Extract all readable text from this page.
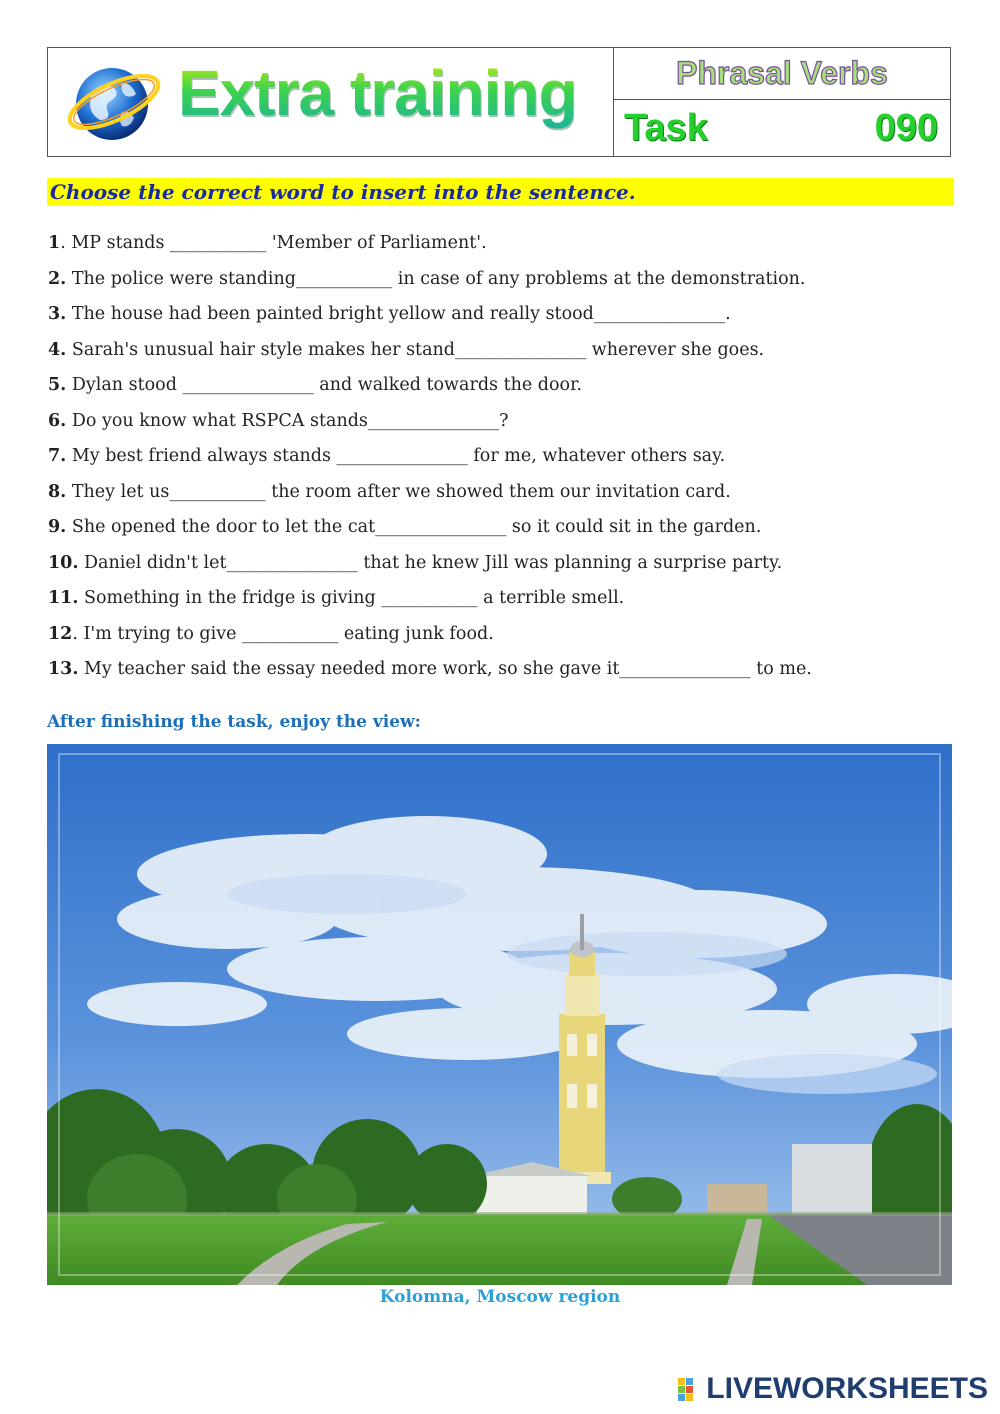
Extra training	Phrasal Verbs
Task	090
Choose the correct word to insert into the sentence.
1. MP stands ___________ 'Member of Parliament'.
2. The police were standing___________ in case of any problems at the demonstration.
3. The house had been painted bright yellow and really stood_______________.
4. Sarah's unusual hair style makes her stand_______________ wherever she goes.
5. Dylan stood _______________ and walked towards the door.
6. Do you know what RSPCA stands_______________?
7. My best friend always stands _______________ for me, whatever others say.
8. They let us___________ the room after we showed them our invitation card.
9. She opened the door to let the cat_______________ so it could sit in the garden.
10. Daniel didn't let_______________ that he knew Jill was planning a surprise party.
11. Something in the fridge is giving ___________ a terrible smell.
12. I'm trying to give ___________ eating junk food.
13. My teacher said the essay needed more work, so she gave it_______________ to me.
After finishing the task, enjoy the view:
Kolomna, Moscow region
LIVEWORKSHEETS
